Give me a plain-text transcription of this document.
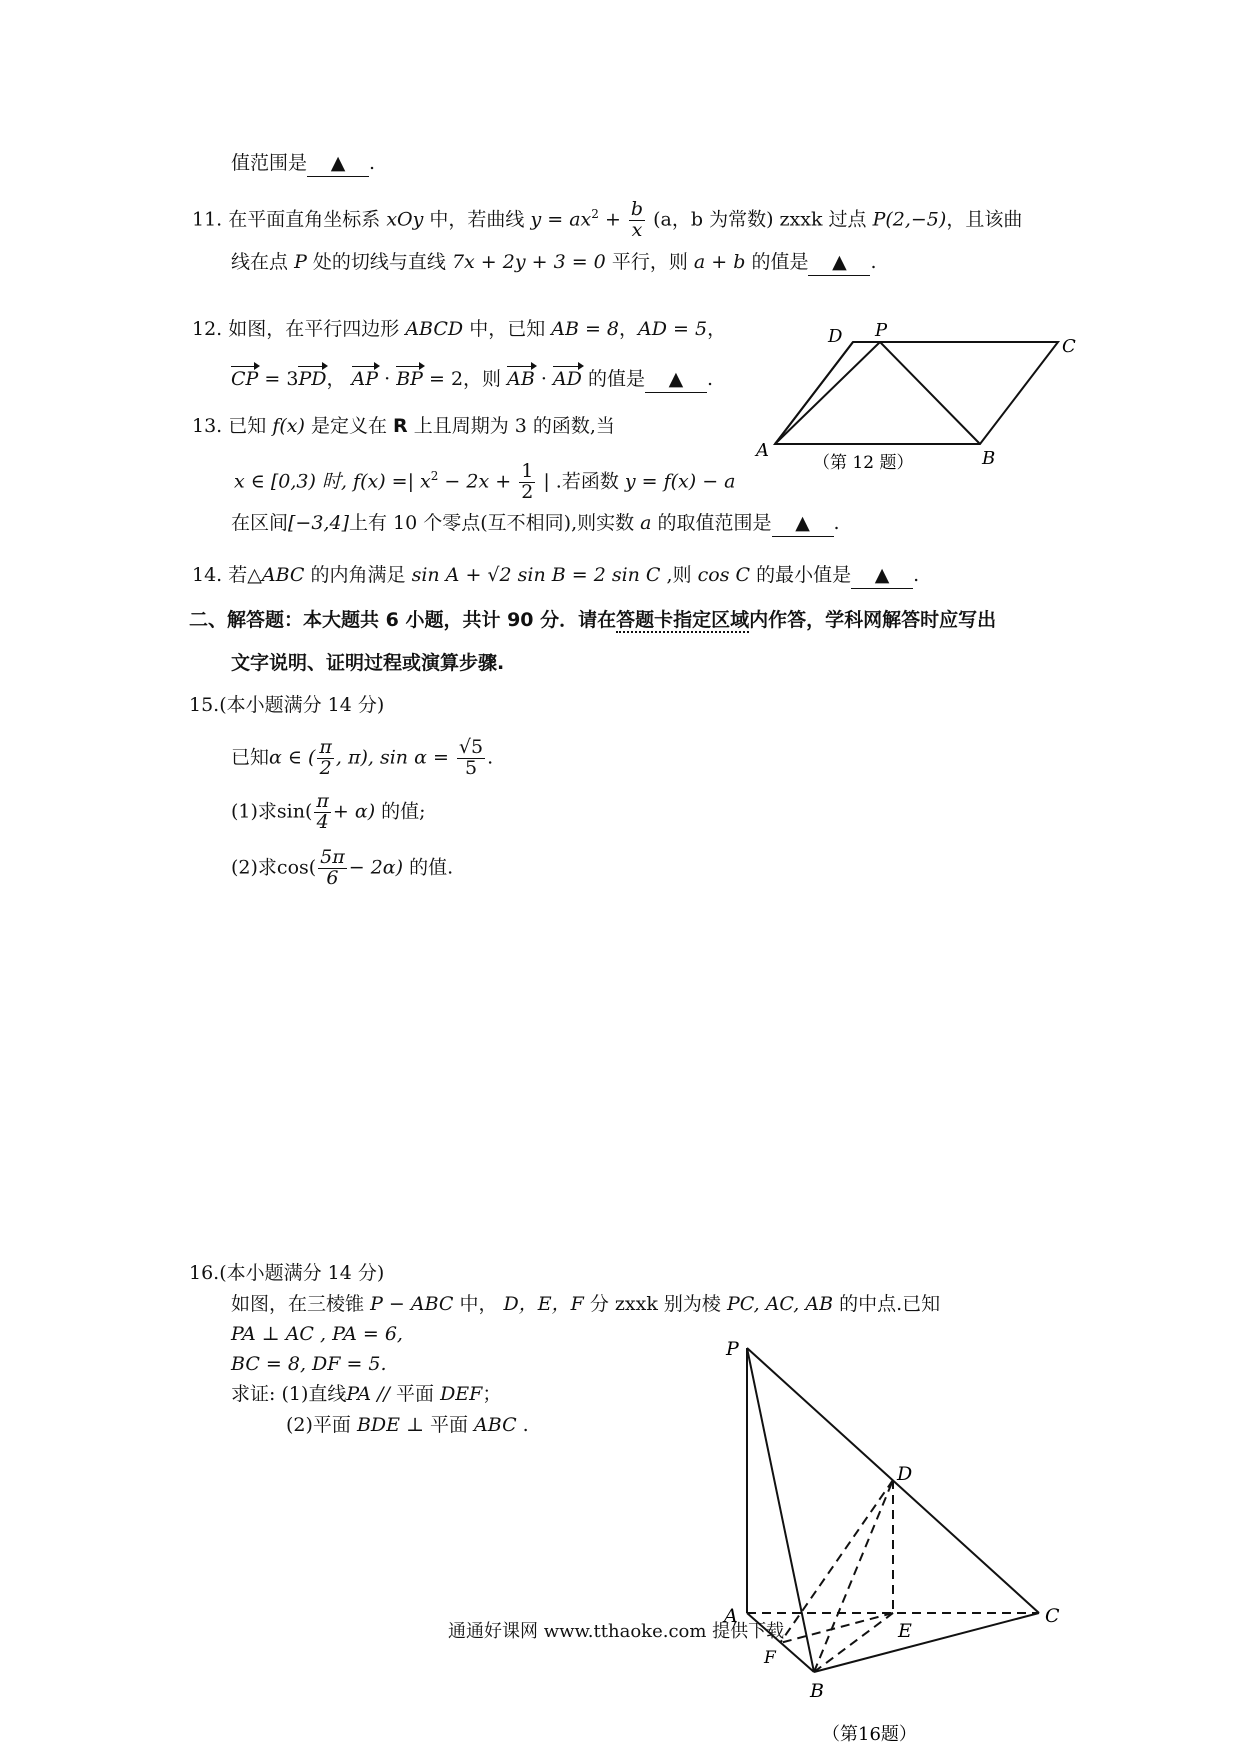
值范围是 ▲ .
11. 在平面直角坐标系 xOy 中，若曲线 $y = ax^2 + \frac{b}{x} (a$，b 为常数) zxxk 过点 P(2,−5)，且该曲
线在点 P 处的切线与直线 7x + 2y + 3 = 0 平行，则 a + b 的值是 ▲ .
12. 如图，在平行四边形 ABCD 中，已知 AB = 8，AD = 5，
CP = 3PD， AP · BP = 2，则 AB · AD 的值是 ▲ .
D P
C
A	B
（第 12 题）
13. 已知 f(x) 是定义在 R 上且周期为 3 的函数,当
x ∈ [0,3) 时, f(x) =| $x^2 - 2x + \frac{1}{2}$ | .若函数 y = f(x) − a
在区间[−3,4]上有 10 个零点(互不相同),则实数 a 的取值范围是 ▲ .
14. 若△ABC 的内角满足 sin A + √2 sin B = 2 sin C ,则 cos C 的最小值是 ▲ .
二、解答题：本大题共 6 小题，共计 90 分．请在答题卡指定区域内作答，学科网解答时应写出
文字说明、证明过程或演算步骤.
15.(本小题满分 14 分)
已知α ∈ ( $\frac{\pi}{2}$ , π), $\sin \alpha = \frac{√5}{5}$ .
(1)求$\sin( \frac{\pi}{4} + \alpha)$ 的值;
(2)求$\cos( \frac{5\pi}{6} - 2\alpha)$ 的值.
16.(本小题满分 14 分)
如图，在三棱锥 P − ABC 中， D，E，F 分 zxxk 别为棱 PC, AC, AB 的中点.已知
PA ⊥ AC , PA = 6,
BC = 8, DF = 5.
求证: (1)直线PA // 平面 DEF；
(2)平面 BDE ⊥ 平面 ABC .
P
D
A
E
C
F
B
（第16题）
通通好课网 www.tthaoke.com 提供下载
